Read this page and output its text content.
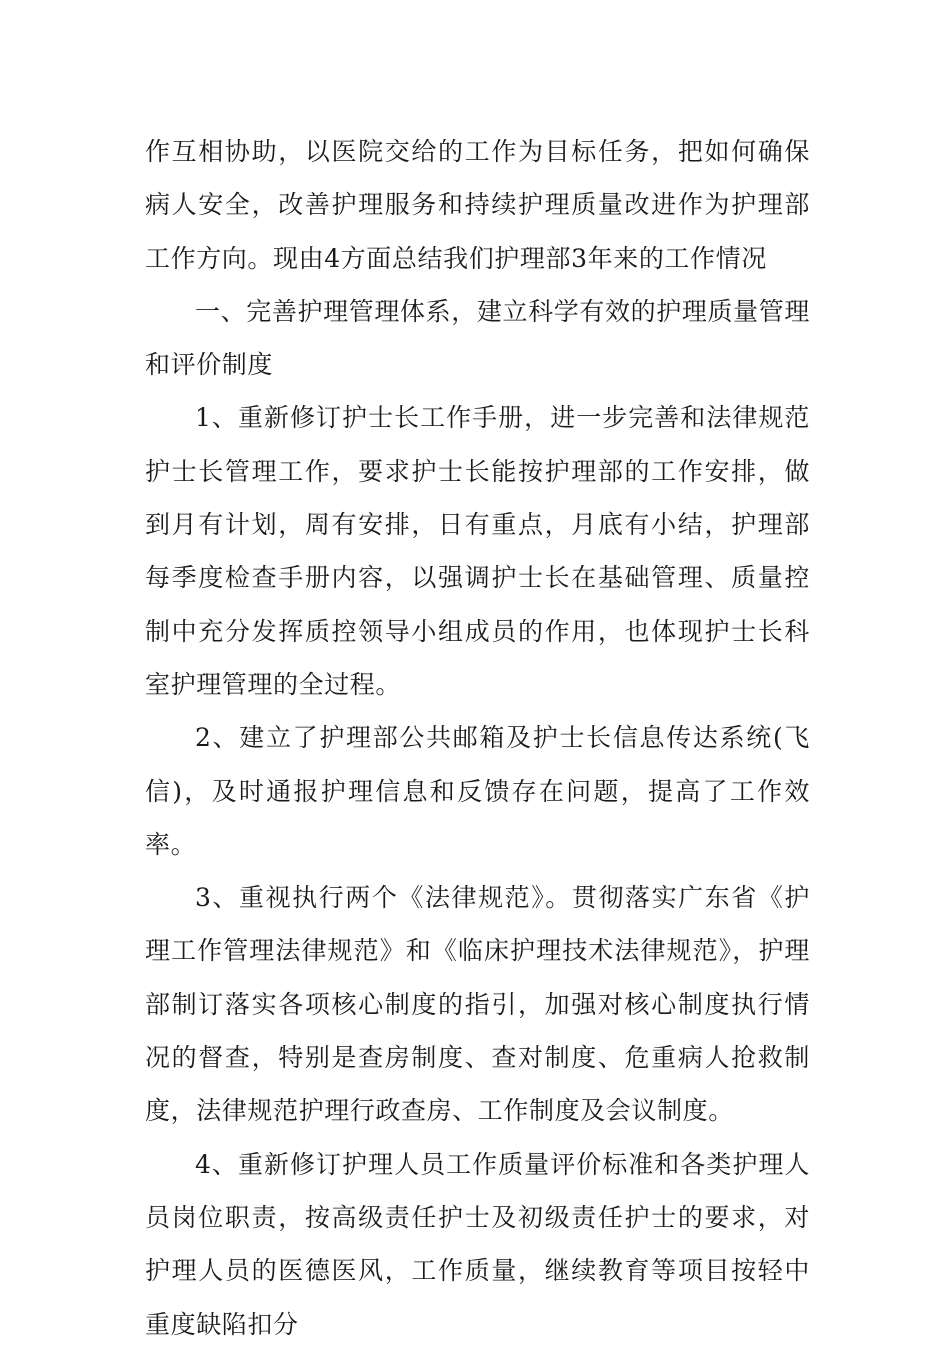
作互相协助，以医院交给的工作为目标任务，把如何确保病人安全，改善护理服务和持续护理质量改进作为护理部工作方向。现由4方面总结我们护理部3年来的工作情况

一、完善护理管理体系，建立科学有效的护理质量管理和评价制度

1、重新修订护士长工作手册，进一步完善和法律规范护士长管理工作，要求护士长能按护理部的工作安排，做到月有计划，周有安排，日有重点，月底有小结，护理部每季度检查手册内容，以强调护士长在基础管理、质量控制中充分发挥质控领导小组成员的作用，也体现护士长科室护理管理的全过程。

2、建立了护理部公共邮箱及护士长信息传达系统(飞信)，及时通报护理信息和反馈存在问题，提高了工作效率。

3、重视执行两个《法律规范》。贯彻落实广东省《护理工作管理法律规范》和《临床护理技术法律规范》，护理部制订落实各项核心制度的指引，加强对核心制度执行情况的督查，特别是查房制度、查对制度、危重病人抢救制度，法律规范护理行政查房、工作制度及会议制度。

4、重新修订护理人员工作质量评价标准和各类护理人员岗位职责，按高级责任护士及初级责任护士的要求，对护理人员的医德医风，工作质量，继续教育等项目按轻中重度缺陷扣分
